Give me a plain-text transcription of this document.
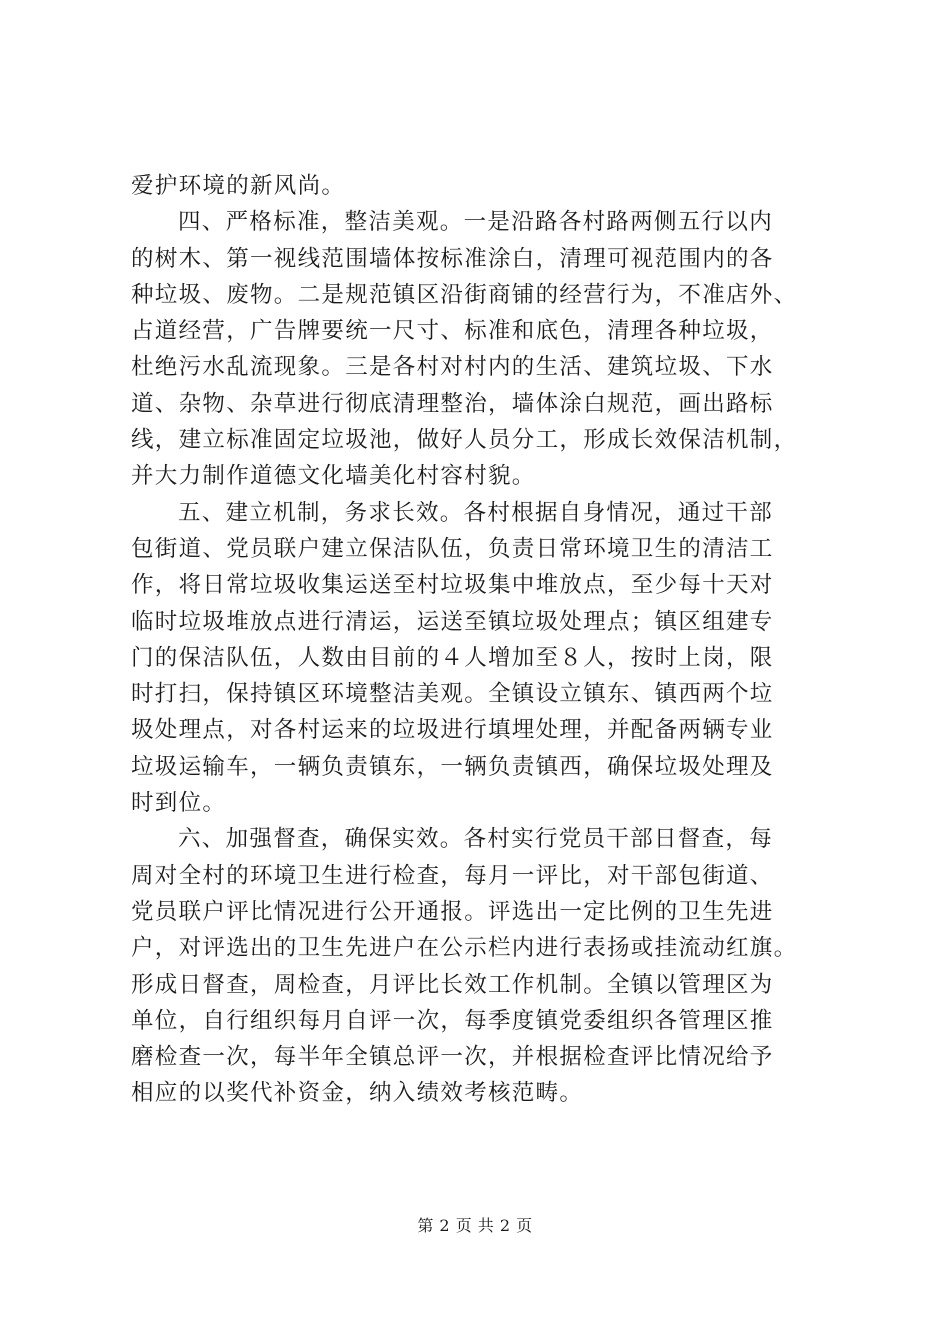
爱护环境的新风尚。
四、严格标准，整洁美观。一是沿路各村路两侧五行以内
的树木、第一视线范围墙体按标准涂白，清理可视范围内的各
种垃圾、废物。二是规范镇区沿街商铺的经营行为，不准店外、
占道经营，广告牌要统一尺寸、标准和底色，清理各种垃圾，
杜绝污水乱流现象。三是各村对村内的生活、建筑垃圾、下水
道、杂物、杂草进行彻底清理整治，墙体涂白规范，画出路标
线，建立标准固定垃圾池，做好人员分工，形成长效保洁机制，
并大力制作道德文化墙美化村容村貌。
五、建立机制，务求长效。各村根据自身情况，通过干部
包街道、党员联户建立保洁队伍，负责日常环境卫生的清洁工
作，将日常垃圾收集运送至村垃圾集中堆放点，至少每十天对
临时垃圾堆放点进行清运，运送至镇垃圾处理点；镇区组建专
门的保洁队伍，人数由目前的４人增加至８人，按时上岗，限
时打扫，保持镇区环境整洁美观。全镇设立镇东、镇西两个垃
圾处理点，对各村运来的垃圾进行填埋处理，并配备两辆专业
垃圾运输车，一辆负责镇东，一辆负责镇西，确保垃圾处理及
时到位。
六、加强督查，确保实效。各村实行党员干部日督查，每
周对全村的环境卫生进行检查，每月一评比，对干部包街道、
党员联户评比情况进行公开通报。评选出一定比例的卫生先进
户，对评选出的卫生先进户在公示栏内进行表扬或挂流动红旗。
形成日督查，周检查，月评比长效工作机制。全镇以管理区为
单位，自行组织每月自评一次，每季度镇党委组织各管理区推
磨检查一次，每半年全镇总评一次，并根据检查评比情况给予
相应的以奖代补资金，纳入绩效考核范畴。
第 2 页 共 2 页
